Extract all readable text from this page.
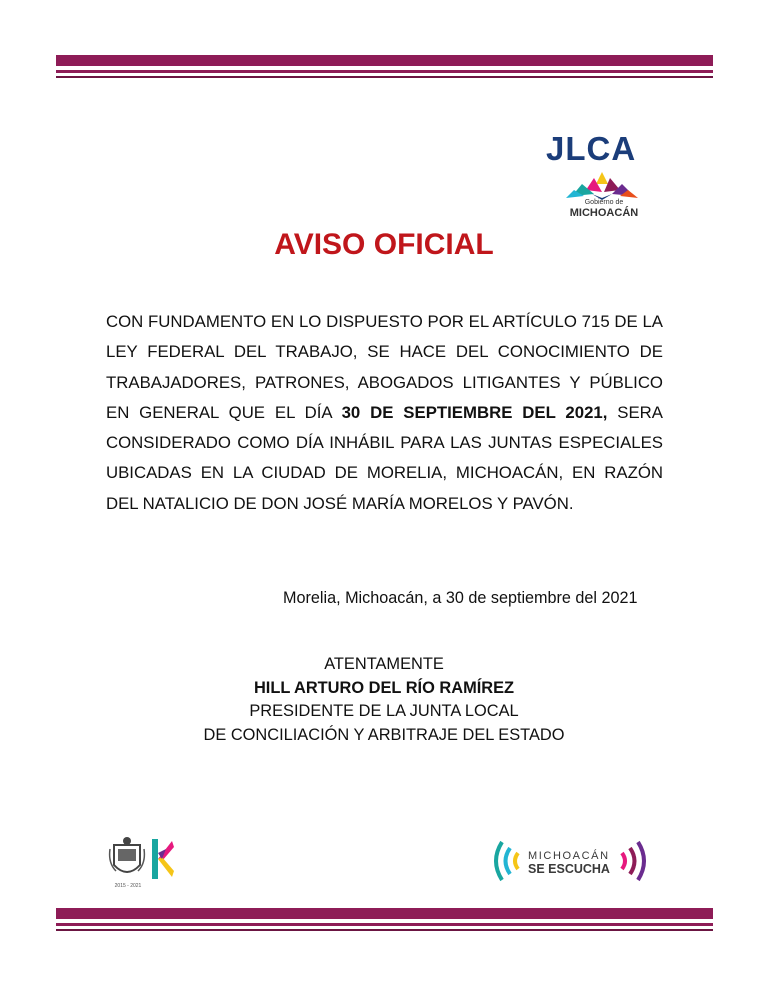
JLCA
Gobierno de
MICHOACÁN
AVISO OFICIAL
CON FUNDAMENTO EN LO DISPUESTO POR EL ARTÍCULO 715 DE LA LEY FEDERAL DEL TRABAJO, SE HACE DEL CONOCIMIENTO DE TRABAJADORES, PATRONES, ABOGADOS LITIGANTES Y PÚBLICO EN GENERAL QUE EL DÍA 30 DE SEPTIEMBRE DEL 2021, SERA CONSIDERADO COMO DÍA INHÁBIL PARA LAS JUNTAS ESPECIALES UBICADAS EN LA CIUDAD DE MORELIA, MICHOACÁN, EN RAZÓN DEL NATALICIO DE DON JOSÉ MARÍA MORELOS Y PAVÓN.
Morelia, Michoacán, a 30 de septiembre del 2021
ATENTAMENTE
HILL ARTURO DEL RÍO RAMÍREZ
PRESIDENTE DE LA JUNTA LOCAL
DE CONCILIACIÓN Y ARBITRAJE DEL ESTADO
2015 - 2021
MICHOACÁN
SE ESCUCHA
